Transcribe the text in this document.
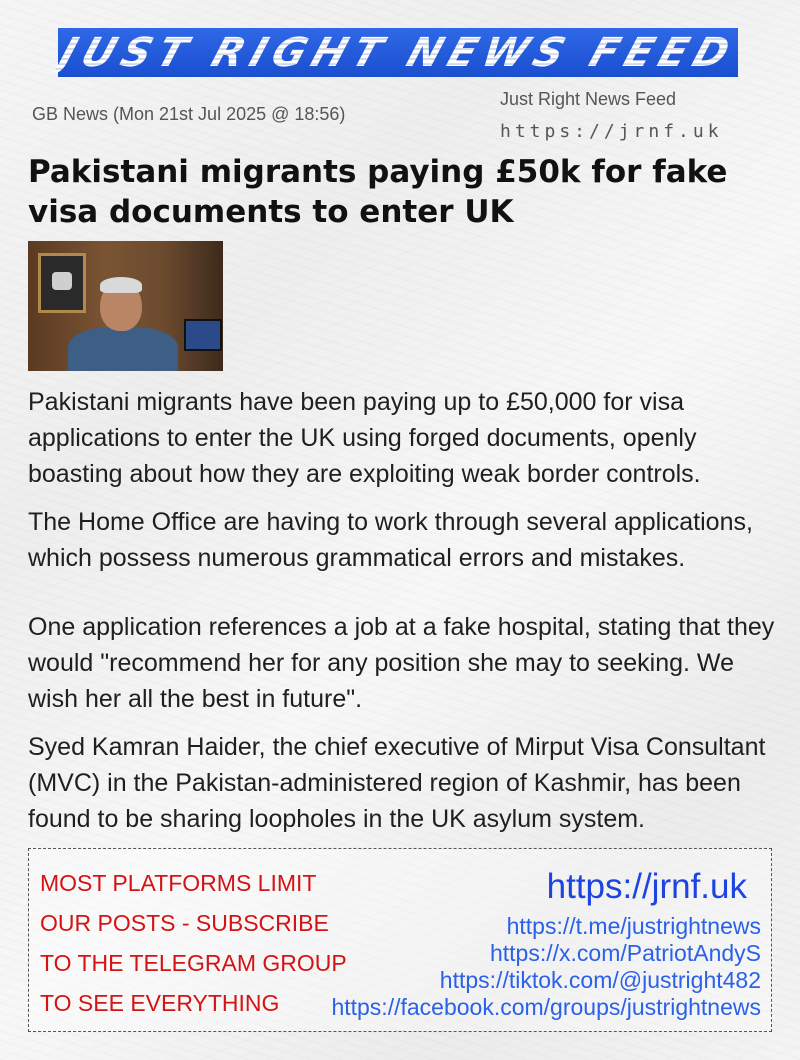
JUST RIGHT NEWS FEED
GB News (Mon 21st Jul 2025 @ 18:56)
Just Right News Feed
https://jrnf.uk
Pakistani migrants paying £50k for fake visa documents to enter UK

Pakistani migrants have been paying up to £50,000 for visa applications to enter the UK using forged documents, openly boasting about how they are exploiting weak border controls.

The Home Office are having to work through several applications, which possess numerous grammatical errors and mistakes.

One application references a job at a fake hospital, stating that they would "recommend her for any position she may to seeking. We wish her all the best in future".

Syed Kamran Haider, the chief executive of Mirput Visa Consultant (MVC) in the Pakistan-administered region of Kashmir, has been found to be sharing loopholes in the UK asylum system.

MOST PLATFORMS LIMIT
OUR POSTS - SUBSCRIBE
TO THE TELEGRAM GROUP
TO SEE EVERYTHING
https://jrnf.uk
https://t.me/justrightnews
https://x.com/PatriotAndyS
https://tiktok.com/@justright482
https://facebook.com/groups/justrightnews
